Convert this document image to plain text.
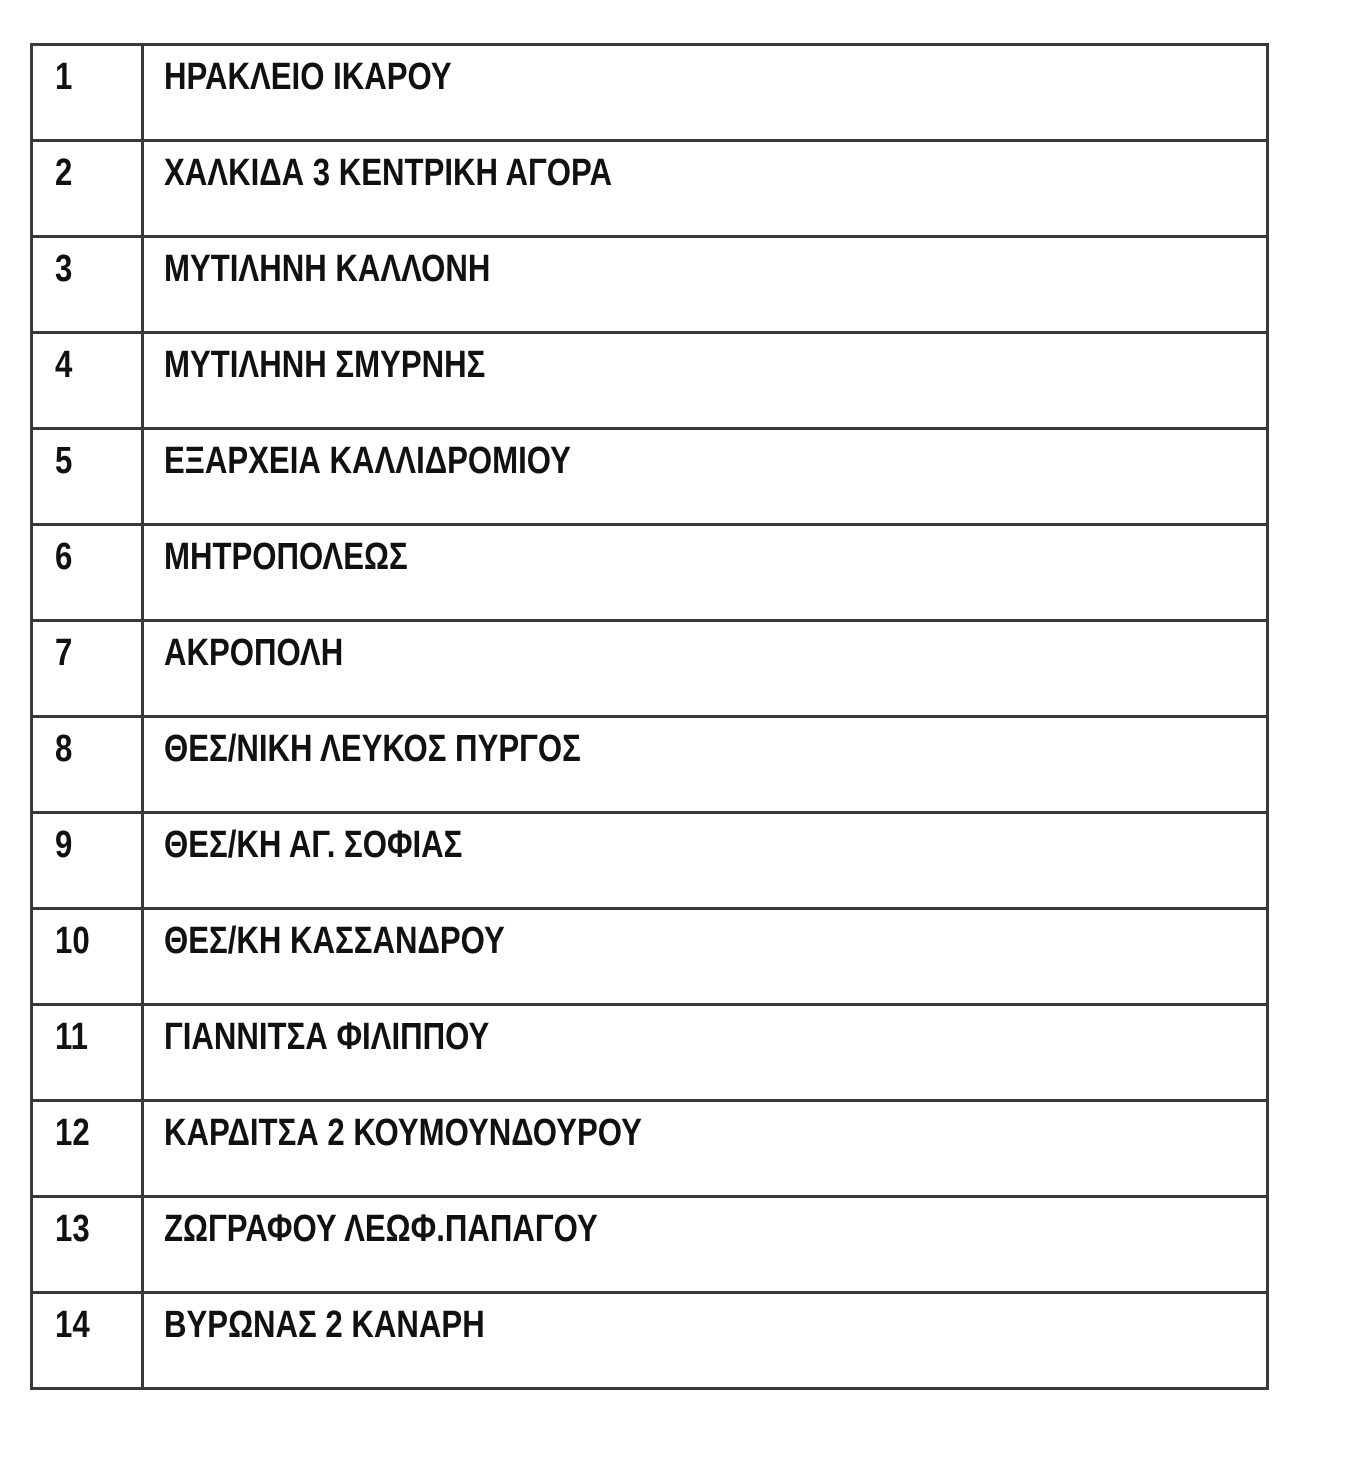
1	ΗΡΑΚΛΕΙΟ ΙΚΑΡΟΥ
2	ΧΑΛΚΙΔΑ 3 ΚΕΝΤΡΙΚΗ ΑΓΟΡΑ
3	ΜΥΤΙΛΗΝΗ ΚΑΛΛΟΝΗ
4	ΜΥΤΙΛΗΝΗ ΣΜΥΡΝΗΣ
5	ΕΞΑΡΧΕΙΑ ΚΑΛΛΙΔΡΟΜΙΟΥ
6	ΜΗΤΡΟΠΟΛΕΩΣ
7	ΑΚΡΟΠΟΛΗ
8	ΘΕΣ/ΝΙΚΗ ΛΕΥΚΟΣ ΠΥΡΓΟΣ
9	ΘΕΣ/ΚΗ ΑΓ. ΣΟΦΙΑΣ
10	ΘΕΣ/ΚΗ ΚΑΣΣΑΝΔΡΟΥ
11	ΓΙΑΝΝΙΤΣΑ ΦΙΛΙΠΠΟΥ
12	ΚΑΡΔΙΤΣΑ 2 ΚΟΥΜΟΥΝΔΟΥΡΟΥ
13	ΖΩΓΡΑΦΟΥ ΛΕΩΦ.ΠΑΠΑΓΟΥ
14	ΒΥΡΩΝΑΣ 2 ΚΑΝΑΡΗ
